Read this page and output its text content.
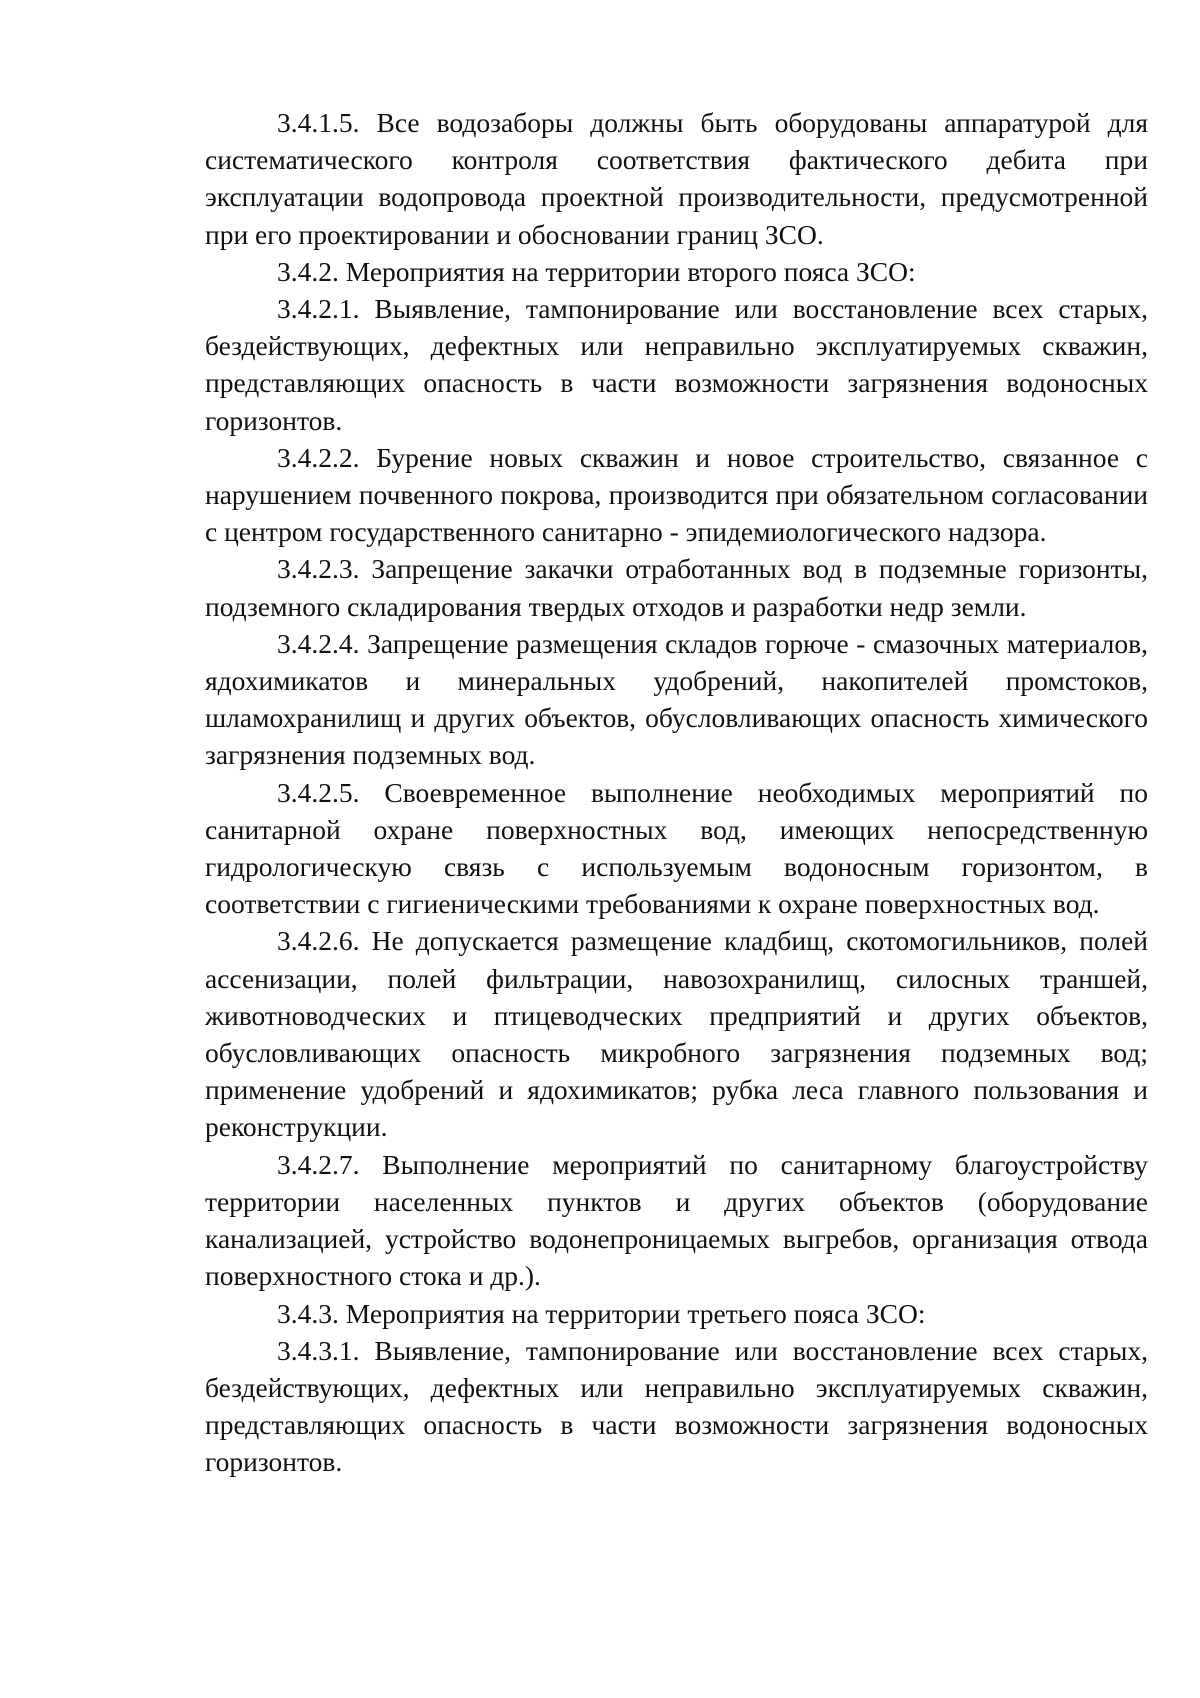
3.4.1.5. Все водозаборы должны быть оборудованы аппаратурой для систематического контроля соответствия фактического дебита при эксплуатации водопровода проектной производительности, предусмотренной при его проектировании и обосновании границ ЗСО.

3.4.2. Мероприятия на территории второго пояса ЗСО:

3.4.2.1. Выявление, тампонирование или восстановление всех старых, бездействующих, дефектных или неправильно эксплуатируемых скважин, представляющих опасность в части возможности загрязнения водоносных горизонтов.

3.4.2.2. Бурение новых скважин и новое строительство, связанное с нарушением почвенного покрова, производится при обязательном согласовании с центром государственного санитарно - эпидемиологического надзора.

3.4.2.3. Запрещение закачки отработанных вод в подземные горизонты, подземного складирования твердых отходов и разработки недр земли.

3.4.2.4. Запрещение размещения складов горюче - смазочных материалов, ядохимикатов и минеральных удобрений, накопителей промстоков, шламохранилищ и других объектов, обусловливающих опасность химического загрязнения подземных вод.

3.4.2.5. Своевременное выполнение необходимых мероприятий по санитарной охране поверхностных вод, имеющих непосредственную гидрологическую связь с используемым водоносным горизонтом, в соответствии с гигиеническими требованиями к охране поверхностных вод.

3.4.2.6. Не допускается размещение кладбищ, скотомогильников, полей ассенизации, полей фильтрации, навозохранилищ, силосных траншей, животноводческих и птицеводческих предприятий и других объектов, обусловливающих опасность микробного загрязнения подземных вод; применение удобрений и ядохимикатов; рубка леса главного пользования и реконструкции.

3.4.2.7. Выполнение мероприятий по санитарному благоустройству территории населенных пунктов и других объектов (оборудование канализацией, устройство водонепроницаемых выгребов, организация отвода поверхностного стока и др.).

3.4.3. Мероприятия на территории третьего пояса ЗСО:

3.4.3.1. Выявление, тампонирование или восстановление всех старых, бездействующих, дефектных или неправильно эксплуатируемых скважин, представляющих опасность в части возможности загрязнения водоносных горизонтов.
